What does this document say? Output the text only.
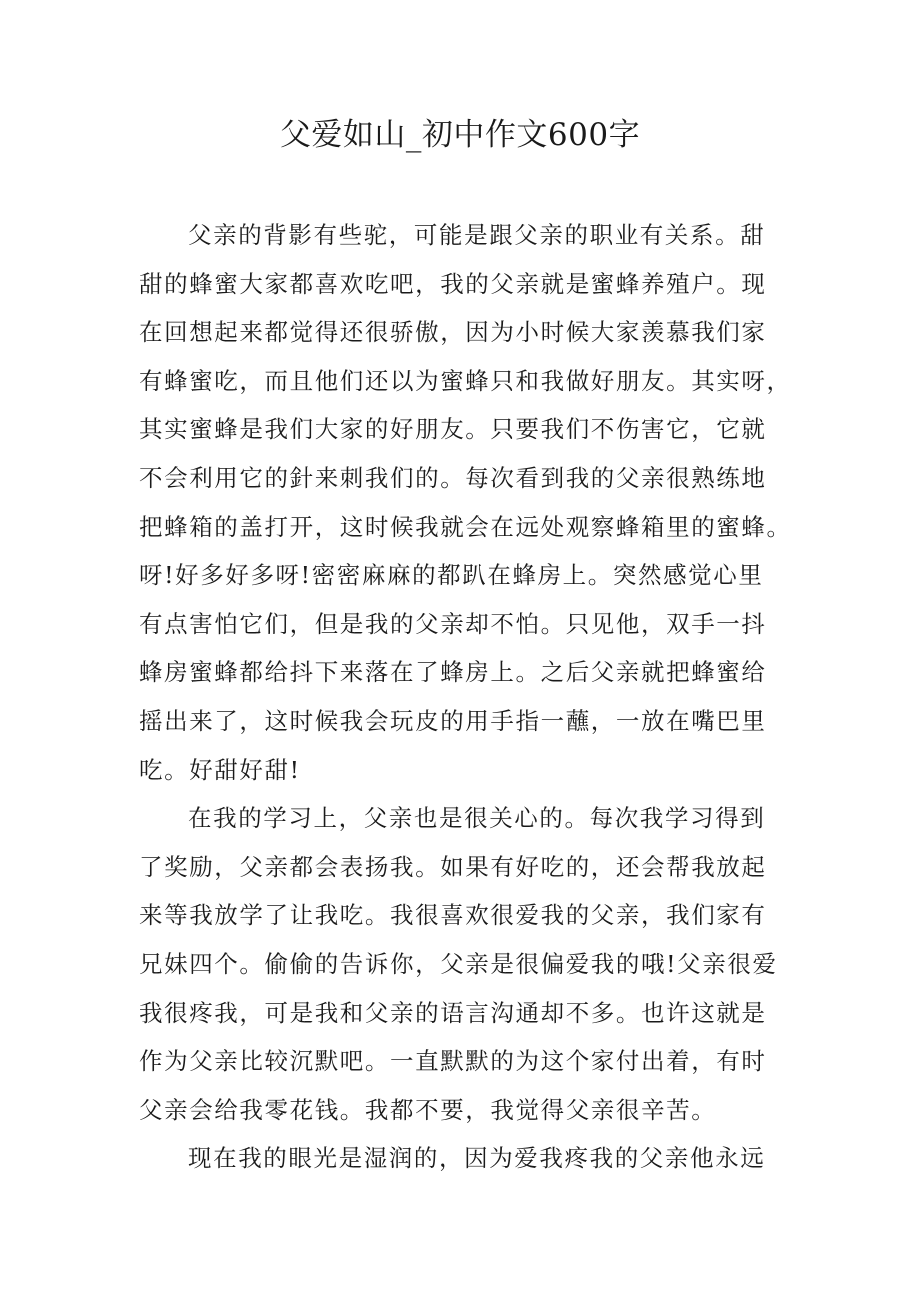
父爱如山_初中作文600字
父亲的背影有些驼，可能是跟父亲的职业有关系。甜
甜的蜂蜜大家都喜欢吃吧，我的父亲就是蜜蜂养殖户。现
在回想起来都觉得还很骄傲，因为小时候大家羡慕我们家
有蜂蜜吃，而且他们还以为蜜蜂只和我做好朋友。其实呀，
其实蜜蜂是我们大家的好朋友。只要我们不伤害它，它就
不会利用它的針来刺我们的。每次看到我的父亲很熟练地
把蜂箱的盖打开，这时候我就会在远处观察蜂箱里的蜜蜂。
呀!好多好多呀!密密麻麻的都趴在蜂房上。突然感觉心里
有点害怕它们，但是我的父亲却不怕。只见他，双手一抖
蜂房蜜蜂都给抖下来落在了蜂房上。之后父亲就把蜂蜜给
摇出来了，这时候我会玩皮的用手指一蘸，一放在嘴巴里
吃。好甜好甜!
在我的学习上，父亲也是很关心的。每次我学习得到
了奖励，父亲都会表扬我。如果有好吃的，还会帮我放起
来等我放学了让我吃。我很喜欢很爱我的父亲，我们家有
兄妹四个。偷偷的告诉你，父亲是很偏爱我的哦!父亲很爱
我很疼我，可是我和父亲的语言沟通却不多。也许这就是
作为父亲比较沉默吧。一直默默的为这个家付出着，有时
父亲会给我零花钱。我都不要，我觉得父亲很辛苦。
现在我的眼光是湿润的，因为爱我疼我的父亲他永远
